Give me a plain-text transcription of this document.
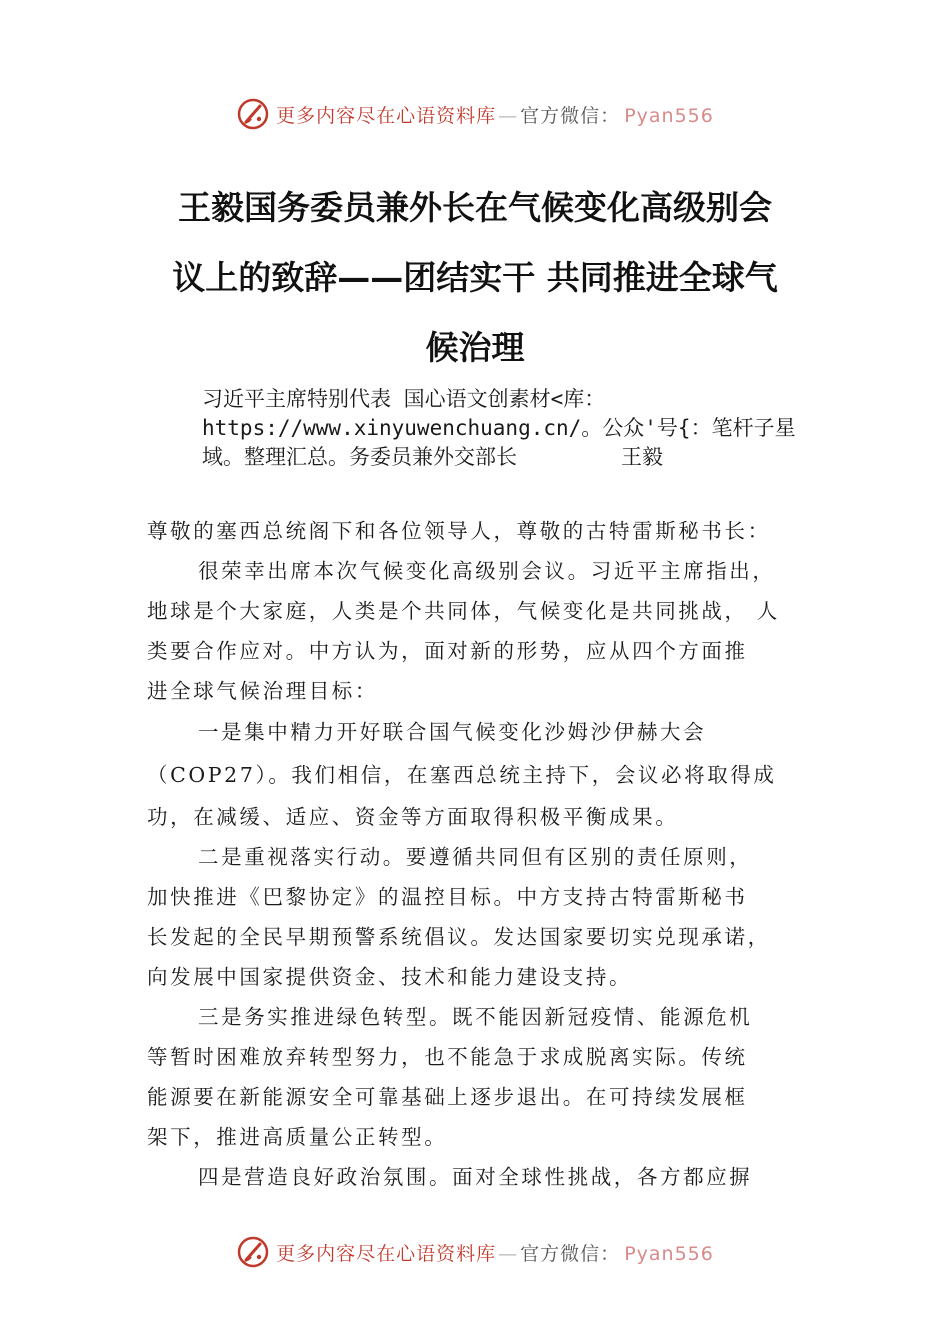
更多内容尽在心语资料库 — 官方微信： Pyan556
王毅国务委员兼外长在气候变化高级别会
议上的致辞——团结实干 共同推进全球气
候治理
习近平主席特别代表 国心语文创素材<库：
https://www.xinyuwenchuang.cn/。公众'号{：笔杆子星
域。整理汇总。务委员兼外交部长	王毅
尊敬的塞西总统阁下和各位领导人，尊敬的古特雷斯秘书长：
很荣幸出席本次气候变化高级别会议。习近平主席指出，
地球是个大家庭，人类是个共同体，气候变化是共同挑战， 人
类要合作应对。中方认为，面对新的形势，应从四个方面推
进全球气候治理目标：
一是集中精力开好联合国气候变化沙姆沙伊赫大会
（COP27）。我们相信，在塞西总统主持下，会议必将取得成
功，在减缓、适应、资金等方面取得积极平衡成果。
二是重视落实行动。要遵循共同但有区别的责任原则，
加快推进《巴黎协定》的温控目标。中方支持古特雷斯秘书
长发起的全民早期预警系统倡议。发达国家要切实兑现承诺，
向发展中国家提供资金、技术和能力建设支持。
三是务实推进绿色转型。既不能因新冠疫情、能源危机
等暂时困难放弃转型努力，也不能急于求成脱离实际。传统
能源要在新能源安全可靠基础上逐步退出。在可持续发展框
架下，推进高质量公正转型。
四是营造良好政治氛围。面对全球性挑战，各方都应摒
更多内容尽在心语资料库 — 官方微信： Pyan556
